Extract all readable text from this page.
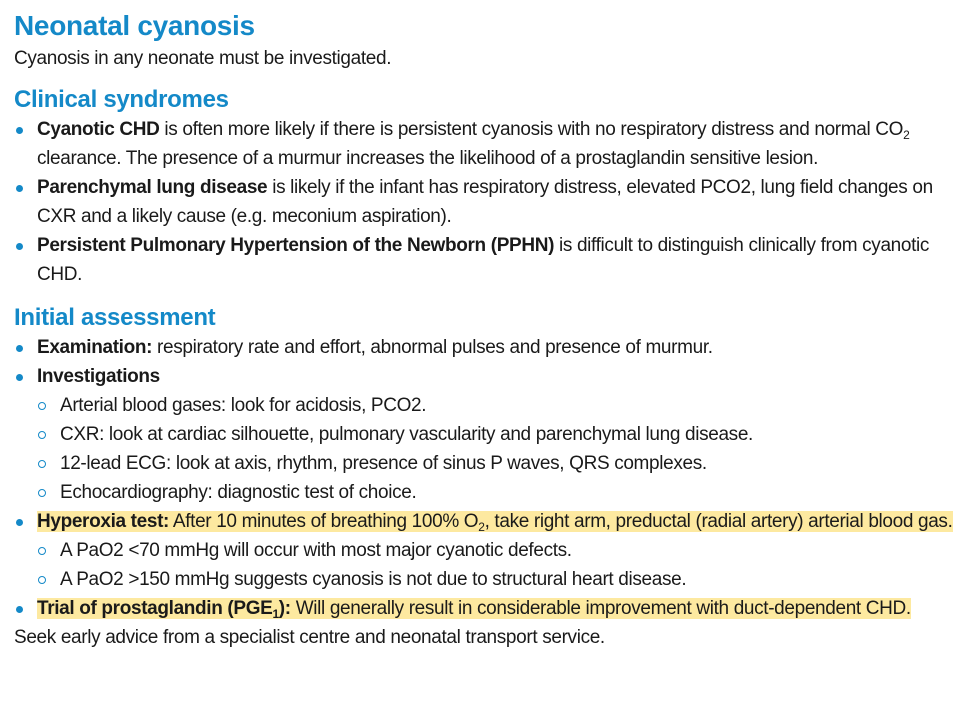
Neonatal cyanosis
Cyanosis in any neonate must be investigated.
Clinical syndromes
Cyanotic CHD is often more likely if there is persistent cyanosis with no respiratory distress and normal $CO_2$ clearance. The presence of a murmur increases the likelihood of a prostaglandin sensitive lesion.
Parenchymal lung disease is likely if the infant has respiratory distress, elevated PCO2, lung field changes on CXR and a likely cause (e.g. meconium aspiration).
Persistent Pulmonary Hypertension of the Newborn (PPHN) is difficult to distinguish clinically from cyanotic CHD.
Initial assessment
Examination: respiratory rate and effort, abnormal pulses and presence of murmur.
Investigations
Arterial blood gases: look for acidosis, PCO2.
CXR: look at cardiac silhouette, pulmonary vascularity and parenchymal lung disease.
12-lead ECG: look at axis, rhythm, presence of sinus P waves, QRS complexes.
Echocardiography: diagnostic test of choice.
Hyperoxia test: After 10 minutes of breathing 100% $O_2$, take right arm, preductal (radial artery) arterial blood gas.
A PaO2 <70 mmHg will occur with most major cyanotic defects.
A PaO2 >150 mmHg suggests cyanosis is not due to structural heart disease.
Trial of prostaglandin $(PGE_1)$: Will generally result in considerable improvement with duct-dependent CHD.
Seek early advice from a specialist centre and neonatal transport service.
